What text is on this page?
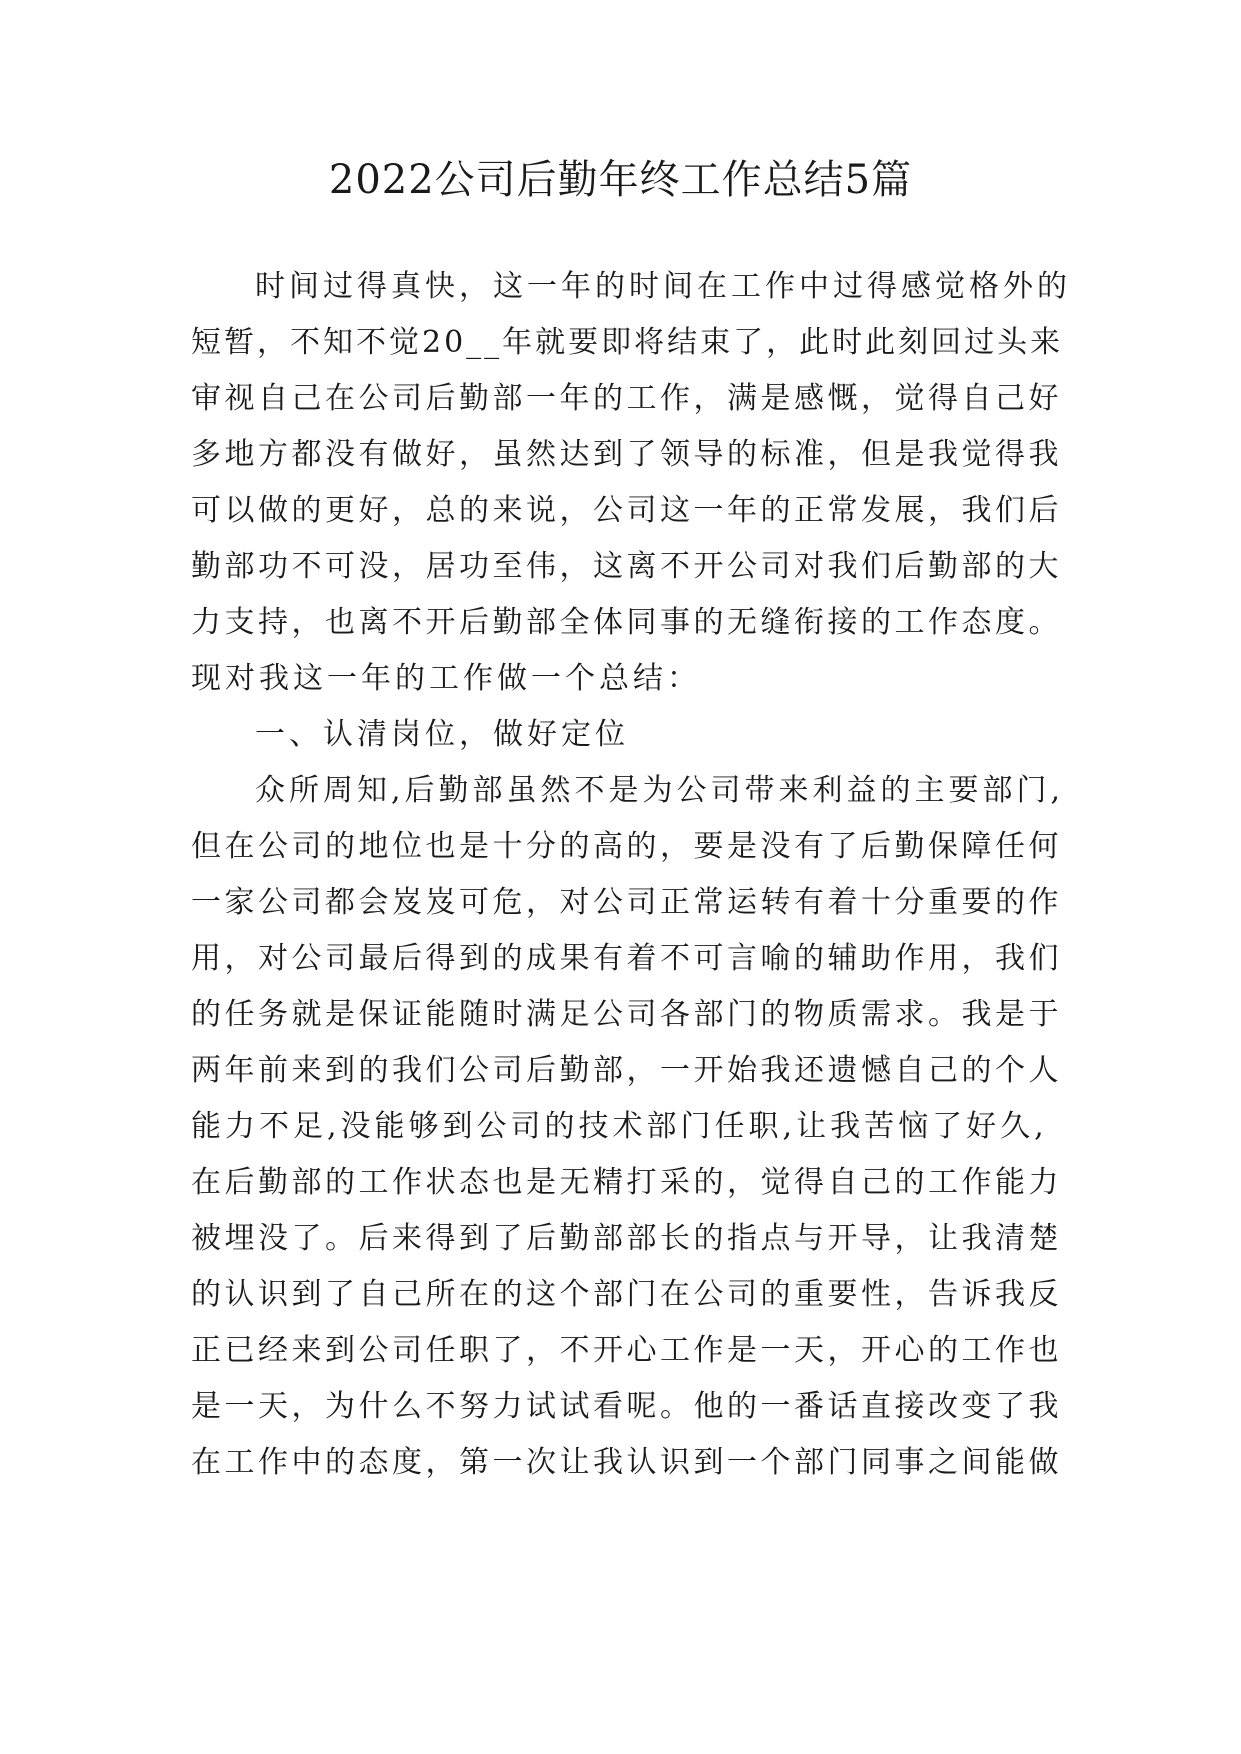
2022公司后勤年终工作总结5篇
时间过得真快，这一年的时间在工作中过得感觉格外的
短暂，不知不觉20__年就要即将结束了，此时此刻回过头来
审视自己在公司后勤部一年的工作，满是感慨，觉得自己好
多地方都没有做好，虽然达到了领导的标准，但是我觉得我
可以做的更好，总的来说，公司这一年的正常发展，我们后
勤部功不可没，居功至伟，这离不开公司对我们后勤部的大
力支持，也离不开后勤部全体同事的无缝衔接的工作态度。
现对我这一年的工作做一个总结：
一、认清岗位，做好定位
众所周知,后勤部虽然不是为公司带来利益的主要部门,
但在公司的地位也是十分的高的，要是没有了后勤保障任何
一家公司都会岌岌可危，对公司正常运转有着十分重要的作
用，对公司最后得到的成果有着不可言喻的辅助作用，我们
的任务就是保证能随时满足公司各部门的物质需求。我是于
两年前来到的我们公司后勤部，一开始我还遗憾自己的个人
能力不足,没能够到公司的技术部门任职,让我苦恼了好久,
在后勤部的工作状态也是无精打采的，觉得自己的工作能力
被埋没了。后来得到了后勤部部长的指点与开导，让我清楚
的认识到了自己所在的这个部门在公司的重要性，告诉我反
正已经来到公司任职了，不开心工作是一天，开心的工作也
是一天，为什么不努力试试看呢。他的一番话直接改变了我
在工作中的态度，第一次让我认识到一个部门同事之间能做
